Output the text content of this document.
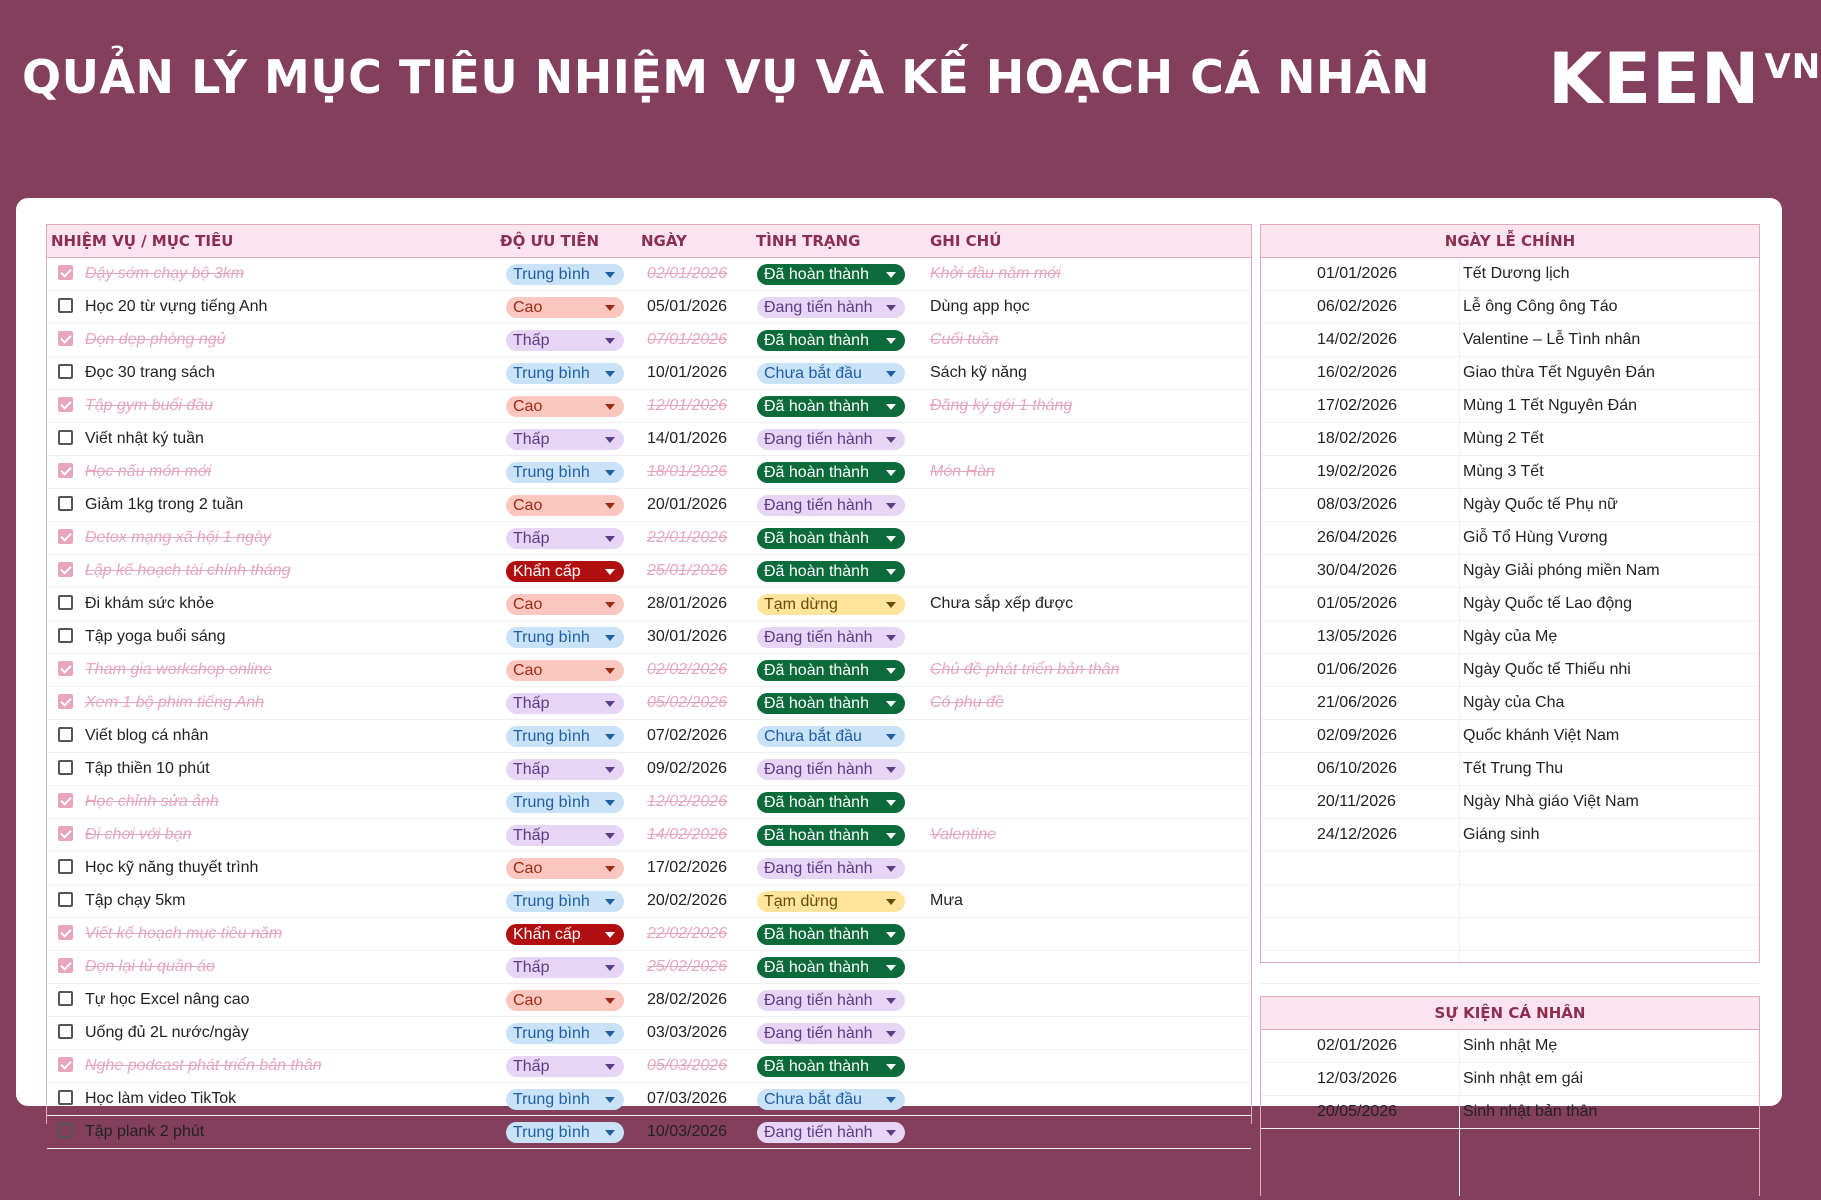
QUẢN LÝ MỤC TIÊU NHIỆM VỤ VÀ KẾ HOẠCH CÁ NHÂN KEEN $^{VN}$
NHIỆM VỤ / MỤC TIÊU	ĐỘ ƯU TIÊN	NGÀY	TÌNH TRẠNG	GHI CHÚ
Dậy sớm chạy bộ 3km	Trung bình	02/01/2026	Đã hoàn thành	Khởi đầu năm mới
Học 20 từ vựng tiếng Anh	Cao	05/01/2026	Đang tiến hành	Dùng app học
Dọn dẹp phòng ngủ	Thấp	07/01/2026	Đã hoàn thành	Cuối tuần
Đọc 30 trang sách	Trung bình	10/01/2026	Chưa bắt đầu	Sách kỹ năng
Tập gym buổi đầu	Cao	12/01/2026	Đã hoàn thành	Đăng ký gói 1 tháng
Viết nhật ký tuần	Thấp	14/01/2026	Đang tiến hành
Học nấu món mới	Trung bình	18/01/2026	Đã hoàn thành	Món Hàn
Giảm 1kg trong 2 tuần	Cao	20/01/2026	Đang tiến hành
Detox mạng xã hội 1 ngày	Thấp	22/01/2026	Đã hoàn thành
Lập kế hoạch tài chính tháng	Khẩn cấp	25/01/2026	Đã hoàn thành
Đi khám sức khỏe	Cao	28/01/2026	Tạm dừng	Chưa sắp xếp được
Tập yoga buổi sáng	Trung bình	30/01/2026	Đang tiến hành
Tham gia workshop online	Cao	02/02/2026	Đã hoàn thành	Chủ đề phát triển bản thân
Xem 1 bộ phim tiếng Anh	Thấp	05/02/2026	Đã hoàn thành	Có phụ đề
Viết blog cá nhân	Trung bình	07/02/2026	Chưa bắt đầu
Tập thiền 10 phút	Thấp	09/02/2026	Đang tiến hành
Học chỉnh sửa ảnh	Trung bình	12/02/2026	Đã hoàn thành
Đi chơi với bạn	Thấp	14/02/2026	Đã hoàn thành	Valentine
Học kỹ năng thuyết trình	Cao	17/02/2026	Đang tiến hành
Tập chạy 5km	Trung bình	20/02/2026	Tạm dừng	Mưa
Viết kế hoạch mục tiêu năm	Khẩn cấp	22/02/2026	Đã hoàn thành
Dọn lại tủ quần áo	Thấp	25/02/2026	Đã hoàn thành
Tự học Excel nâng cao	Cao	28/02/2026	Đang tiến hành
Uống đủ 2L nước/ngày	Trung bình	03/03/2026	Đang tiến hành
Nghe podcast phát triển bản thân	Thấp	05/03/2026	Đã hoàn thành
Học làm video TikTok	Trung bình	07/03/2026	Chưa bắt đầu
Tập plank 2 phút	Trung bình	10/03/2026	Đang tiến hành
NGÀY LỄ CHÍNH
01/01/2026	Tết Dương lịch
06/02/2026	Lễ ông Công ông Táo
14/02/2026	Valentine – Lễ Tình nhân
16/02/2026	Giao thừa Tết Nguyên Đán
17/02/2026	Mùng 1 Tết Nguyên Đán
18/02/2026	Mùng 2 Tết
19/02/2026	Mùng 3 Tết
08/03/2026	Ngày Quốc tế Phụ nữ
26/04/2026	Giỗ Tổ Hùng Vương
30/04/2026	Ngày Giải phóng miền Nam
01/05/2026	Ngày Quốc tế Lao động
13/05/2026	Ngày của Mẹ
01/06/2026	Ngày Quốc tế Thiếu nhi
21/06/2026	Ngày của Cha
02/09/2026	Quốc khánh Việt Nam
06/10/2026	Tết Trung Thu
20/11/2026	Ngày Nhà giáo Việt Nam
24/12/2026	Giáng sinh
SỰ KIỆN CÁ NHÂN
02/01/2026	Sinh nhật Mẹ
12/03/2026	Sinh nhật em gái
20/05/2026	Sinh nhật bản thân
